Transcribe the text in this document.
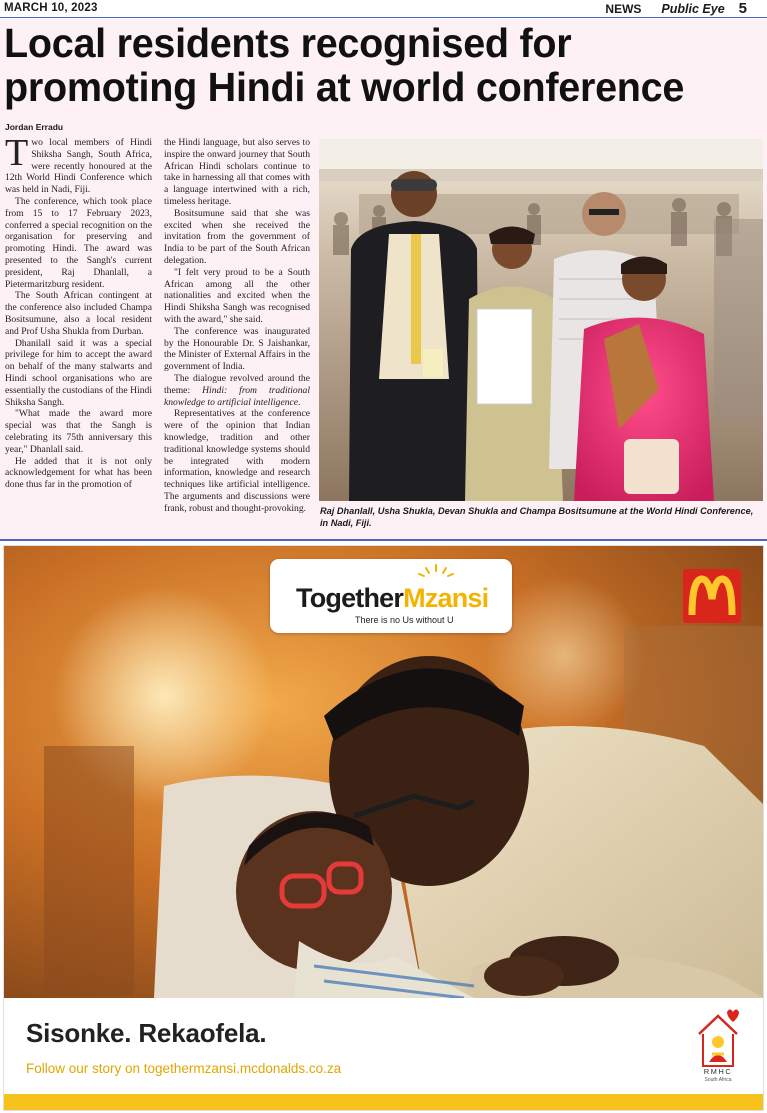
MARCH 10, 2023	NEWS Public Eye 5
Local residents recognised for promoting Hindi at world conference
Jordan Erradu

Two local members of Hindi Shiksha Sangh, South Africa, were recently honoured at the 12th World Hindi Conference which was held in Nadi, Fiji.

The conference, which took place from 15 to 17 February 2023, conferred a special recognition on the organisation for preserving and promoting Hindi. The award was presented to the Sangh's current president, Raj Dhanlall, a Pietermaritzburg resident.

The South African contingent at the conference also included Champa Bositsumune, also a local resident and Prof Usha Shukla from Durban.

Dhanilall said it was a special privilege for him to accept the award on behalf of the many stalwarts and Hindi school organisations who are essentially the custodians of the Hindi Shiksha Sangh.

"What made the award more special was that the Sangh is celebrating its 75th anniversary this year," Dhanlall said.

He added that it is not only acknowledgement for what has been done thus far in the promotion of

the Hindi language, but also serves to inspire the onward journey that South African Hindi scholars continue to take in harnessing all that comes with a language intertwined with a rich, timeless heritage.

Bositsumune said that she was excited when she received the invitation from the government of India to be part of the South African delegation.

"I felt very proud to be a South African among all the other nationalities and excited when the Hindi Shiksha Sangh was recognised with the award," she said.

The conference was inaugurated by the Honourable Dr. S Jaishankar, the Minister of External Affairs in the government of India.

The dialogue revolved around the theme: Hindi: from traditional knowledge to artificial intelligence.

Representatives at the conference were of the opinion that Indian knowledge, tradition and other traditional knowledge systems should be integrated with modern information, knowledge and research techniques like artificial intelligence. The arguments and discussions were frank, robust and thought-provoking.	Raj Dhanlall, Usha Shukla, Devan Shukla and Champa Bositsumune at the World Hindi Conference, in Nadi, Fiji.
TogetherMzansi
There is no Us without U
Sisonke. Rekaofela.
Follow our story on togethermzansi.mcdonalds.co.za	RMHC
South Africa
